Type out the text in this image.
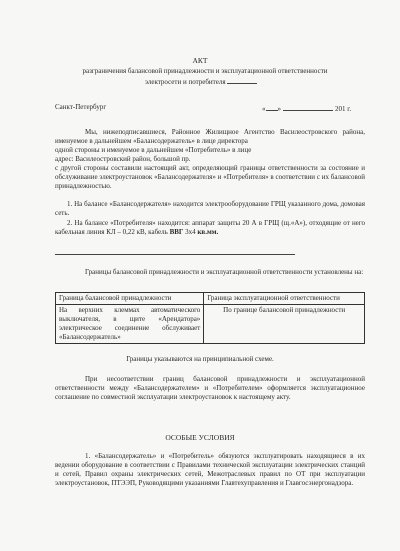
АКТ
разграничения балансовой принадлежности и эксплуатационной ответственности
электросети и потребителя
Санкт-Петербург	« »	201 г.
Мы, нижеподписавшиеся, Районное Жилищное Агентство Василеостровского района, именуемое в дальнейшем «Балансодержатель» в лице директора
одной стороны и именуемое в дальнейшем «Потребитель» в лице
адрес: Василеостровский район, большой пр.
с другой стороны составили настоящий акт, определяющий границы ответственности за состояние и обслуживание электроустановок «Балансодержателя» и «Потребителя» в соответствии с их балансовой принадлежностью.
1. На балансе «Балансодержателя» находится электрооборудование ГРЩ указанного дома, домовая сеть.
2. На балансе «Потребителя» находится: аппарат защиты 20 А в ГРЩ (щ.«А»), отходящие от него кабельная линия КЛ – 0,22 кВ, кабель ВВГ 3х4 кв.мм.
Границы балансовой принадлежности и эксплуатационной ответственности установлены на:
Граница балансовой принадлежности	Граница эксплуатационной ответственности
На верхних клеммах автоматического выключателя, в щите «Арендатора» электрическое соединение обслуживает «Балансодержатель»	По границе балансовой принадлежности
Границы указываются на принципиальной схеме.
При несоответствии границ балансовой принадлежности и эксплуатационной ответственности между «Балансодержателем» и «Потребителем» оформляется эксплуатационное соглашение по совместной эксплуатации электроустановок к настоящему акту.
ОСОБЫЕ УСЛОВИЯ
1. «Балансодержатель» и «Потребитель» обязуются эксплуатировать находящиеся в их ведении оборудование в соответствии с Правилами технической эксплуатации электрических станций и сетей, Правил охраны электрических сетей, Межотраслевых правил по ОТ при эксплуатации электроустановок, ПТЭЭП, Руководящими указаниями Главтехуправления и Главгосэнергонадзора.
